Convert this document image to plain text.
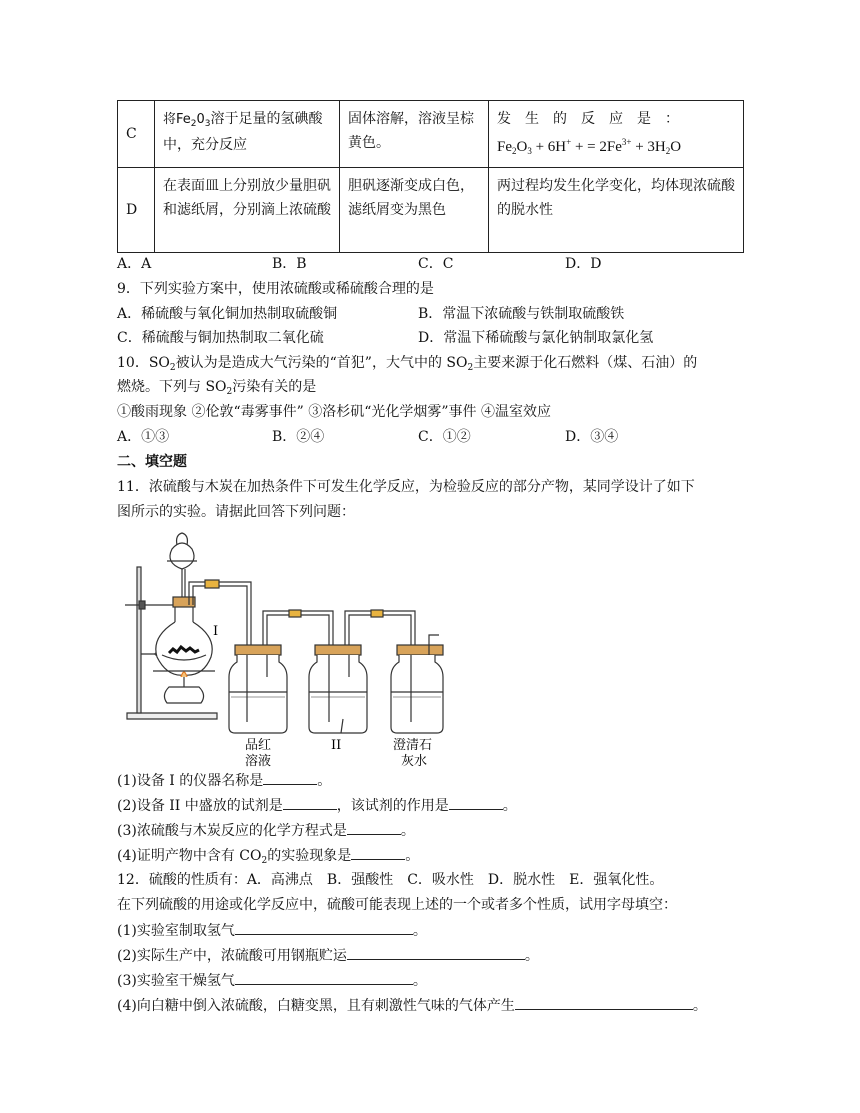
C	将$Fe_20_3$溶于足量的氢碘酸中，充分反应	固体溶解，溶液呈棕黄色。	发　生　的　反　应　是　：
$Fe_2O_3 + 6H^+$ + = $2Fe^{3+} + 3H_2O$

D	在表面皿上分别放少量胆矾和滤纸屑，分别滴上浓硫酸	胆矾逐渐变成白色，滤纸屑变为黑色	两过程均发生化学变化，均体现浓硫酸的脱水性
A．A	B．B	C．C	D．D
9．下列实验方案中，使用浓硫酸或稀硫酸合理的是
A．稀硫酸与氧化铜加热制取硫酸铜	B．常温下浓硫酸与铁制取硫酸铁
C．稀硫酸与铜加热制取二氧化硫	D．常温下稀硫酸与氯化钠制取氯化氢
10．$SO_2$被认为是造成大气污染的“首犯”，大气中的 $SO_2$主要来源于化石燃料（煤、石油）的
燃烧。下列与 $SO_2$污染有关的是
①酸雨现象 ②伦敦“毒雾事件” ③洛杉矶“光化学烟雾”事件 ④温室效应
A．①③	B．②④	C．①②	D．③④
二、填空题
11．浓硫酸与木炭在加热条件下可发生化学反应，为检验反应的部分产物，某同学设计了如下
图所示的实验。请据此回答下列问题：
I
品红
溶液
II	澄清石
灰水
(1)设备 I 的仪器名称是	。
(2)设备 II 中盛放的试剂是	，该试剂的作用是	。
(3)浓硫酸与木炭反应的化学方程式是	。
(4)证明产物中含有 $CO_2$的实验现象是	。
12．硫酸的性质有：A．高沸点　B．强酸性　C．吸水性　D．脱水性　E．强氧化性。
在下列硫酸的用途或化学反应中，硫酸可能表现上述的一个或者多个性质，试用字母填空：
(1)实验室制取氢气	。
(2)实际生产中，浓硫酸可用钢瓶贮运	。
(3)实验室干燥氢气	。
(4)向白糖中倒入浓硫酸，白糖变黑，且有刺激性气味的气体产生	。
